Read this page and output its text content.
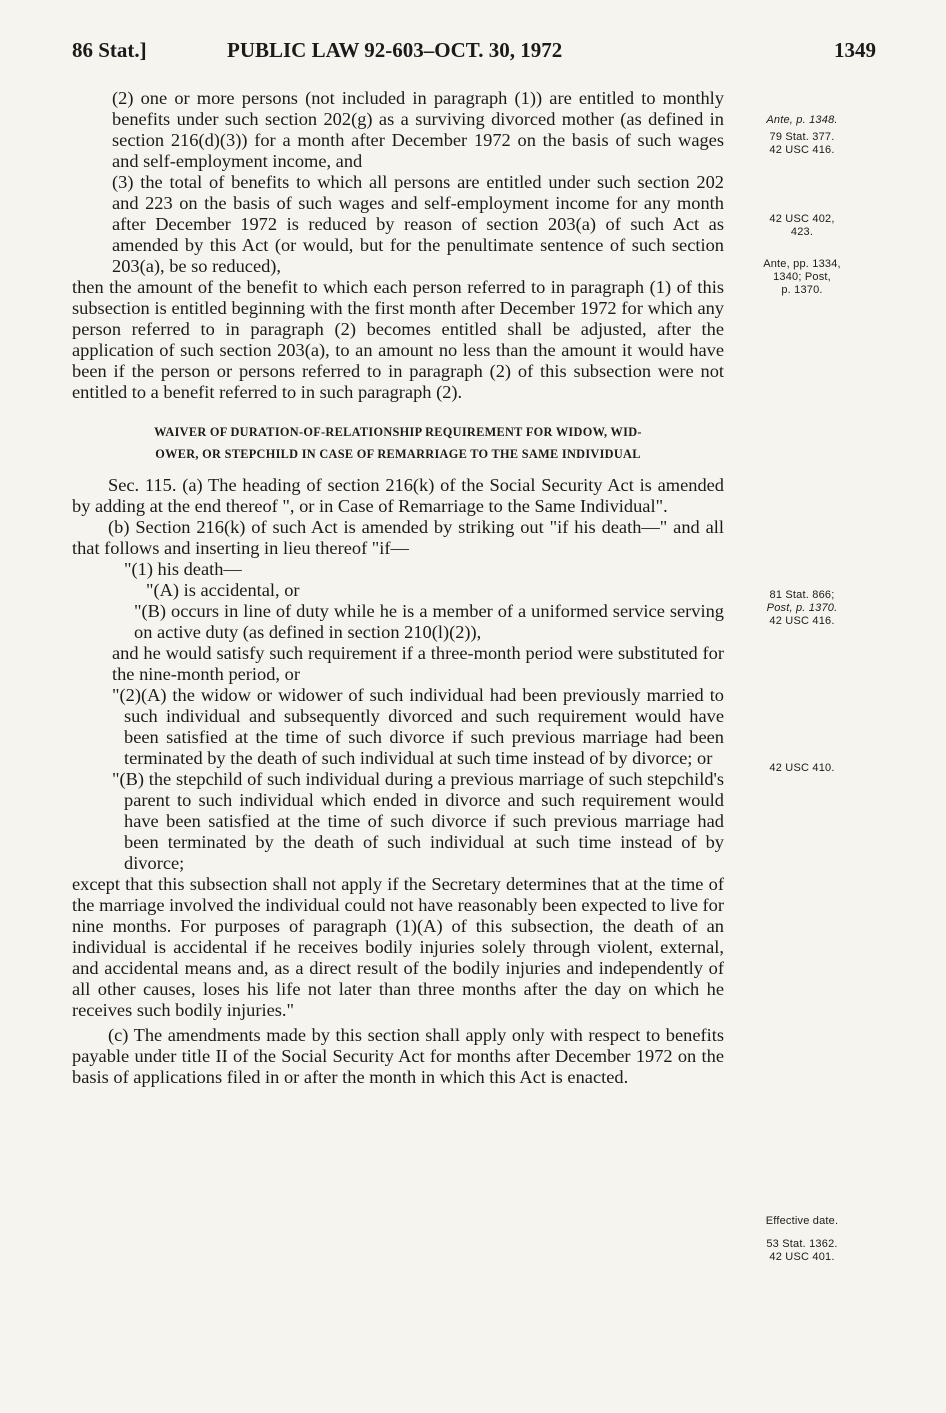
86 Stat.]	PUBLIC LAW 92-603–OCT. 30, 1972	1349

(2) one or more persons (not included in paragraph (1)) are entitled to monthly benefits under such section 202(g) as a surviving divorced mother (as defined in section 216(d)(3)) for a month after December 1972 on the basis of such wages and self-employment income, and

(3) the total of benefits to which all persons are entitled under such section 202 and 223 on the basis of such wages and self-employment income for any month after December 1972 is reduced by reason of section 203(a) of such Act as amended by this Act (or would, but for the penultimate sentence of such section 203(a), be so reduced),

then the amount of the benefit to which each person referred to in paragraph (1) of this subsection is entitled beginning with the first month after December 1972 for which any person referred to in paragraph (2) becomes entitled shall be adjusted, after the application of such section 203(a), to an amount no less than the amount it would have been if the person or persons referred to in paragraph (2) of this subsection were not entitled to a benefit referred to in such paragraph (2).

WAIVER OF DURATION-OF-RELATIONSHIP REQUIREMENT FOR WIDOW, WID-
OWER, OR STEPCHILD IN CASE OF REMARRIAGE TO THE SAME INDIVIDUAL

Sec. 115. (a) The heading of section 216(k) of the Social Security Act is amended by adding at the end thereof ", or in Case of Remarriage to the Same Individual".

(b) Section 216(k) of such Act is amended by striking out "if his death—" and all that follows and inserting in lieu thereof "if—

"(1) his death—

"(A) is accidental, or

"(B) occurs in line of duty while he is a member of a uniformed service serving on active duty (as defined in section 210(l)(2)),

and he would satisfy such requirement if a three-month period were substituted for the nine-month period, or

"(2)(A) the widow or widower of such individual had been previously married to such individual and subsequently divorced and such requirement would have been satisfied at the time of such divorce if such previous marriage had been terminated by the death of such individual at such time instead of by divorce; or

"(B) the stepchild of such individual during a previous marriage of such stepchild's parent to such individual which ended in divorce and such requirement would have been satisfied at the time of such divorce if such previous marriage had been terminated by the death of such individual at such time instead of by divorce;

except that this subsection shall not apply if the Secretary determines that at the time of the marriage involved the individual could not have reasonably been expected to live for nine months. For purposes of paragraph (1)(A) of this subsection, the death of an individual is accidental if he receives bodily injuries solely through violent, external, and accidental means and, as a direct result of the bodily injuries and independently of all other causes, loses his life not later than three months after the day on which he receives such bodily injuries."

(c) The amendments made by this section shall apply only with respect to benefits payable under title II of the Social Security Act for months after December 1972 on the basis of applications filed in or after the month in which this Act is enacted.

Ante, p. 1348.
79 Stat. 377.
42 USC 416.
42 USC 402,
423.
Ante, pp. 1334,
1340; Post,
p. 1370.
81 Stat. 866;
Post, p. 1370.
42 USC 416.
42 USC 410.
Effective date.
53 Stat. 1362.
42 USC 401.
